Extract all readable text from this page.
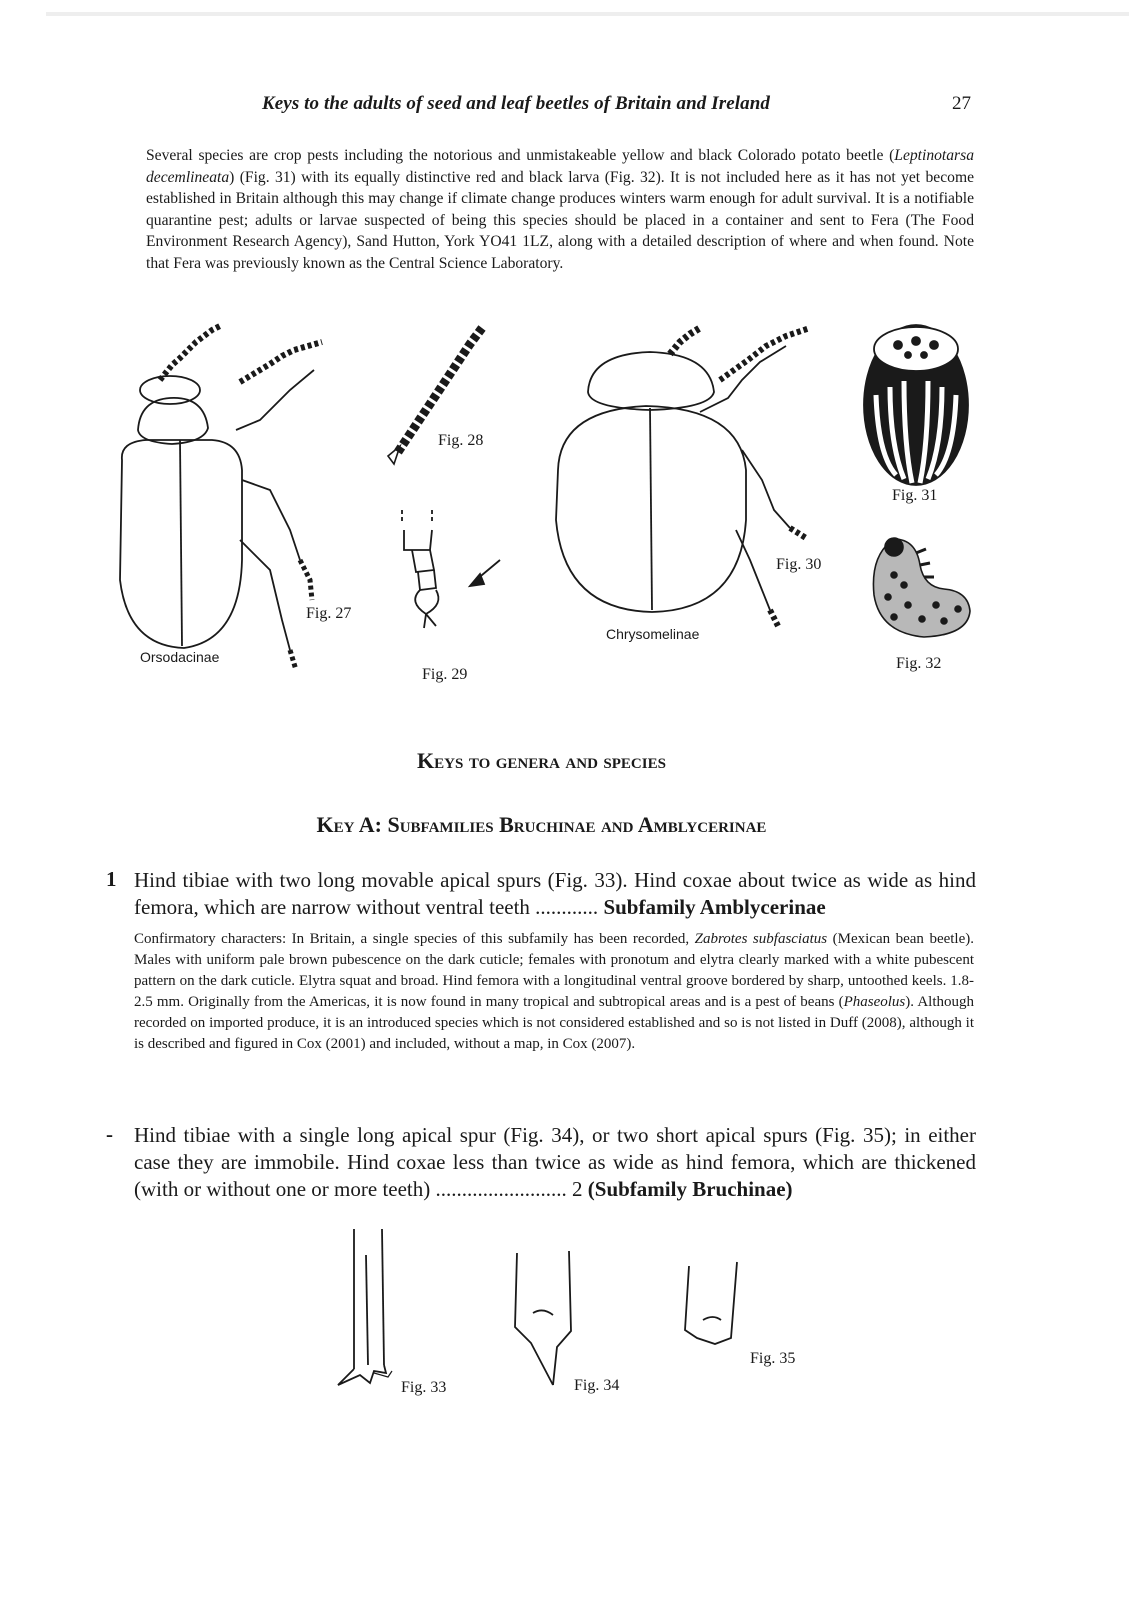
Keys to the adults of seed and leaf beetles of Britain and Ireland	27

Several species are crop pests including the notorious and unmistakeable yellow and black Colorado potato beetle (Leptinotarsa decemlineata) (Fig. 31) with its equally distinctive red and black larva (Fig. 32). It is not included here as it has not yet become established in Britain although this may change if climate change produces winters warm enough for adult survival. It is a notifiable quarantine pest; adults or larvae suspected of being this species should be placed in a container and sent to Fera (The Food Environment Research Agency), Sand Hutton, York YO41 1LZ, along with a detailed description of where and when found. Note that Fera was previously known as the Central Science Laboratory.

Fig. 27
Orsodacinae
Fig. 28
Fig. 29
Fig. 30
Chrysomelinae
Fig. 31
Fig. 32
Keys to genera and species
Key A: Subfamilies Bruchinae and Amblycerinae
1 Hind tibiae with two long movable apical spurs (Fig. 33). Hind coxae about twice as wide as hind femora, which are narrow without ventral teeth ............ Subfamily Amblycerinae

Confirmatory characters: In Britain, a single species of this subfamily has been recorded, Zabrotes subfasciatus (Mexican bean beetle). Males with uniform pale brown pubescence on the dark cuticle; females with pronotum and elytra clearly marked with a white pubescent pattern on the dark cuticle. Elytra squat and broad. Hind femora with a longitudinal ventral groove bordered by sharp, untoothed keels. 1.8-2.5 mm. Originally from the Americas, it is now found in many tropical and subtropical areas and is a pest of beans (Phaseolus). Although recorded on imported produce, it is an introduced species which is not considered established and so is not listed in Duff (2008), although it is described and figured in Cox (2001) and included, without a map, in Cox (2007).

- Hind tibiae with a single long apical spur (Fig. 34), or two short apical spurs (Fig. 35); in either case they are immobile. Hind coxae less than twice as wide as hind femora, which are thickened (with or without one or more teeth) ......................... 2 (Subfamily Bruchinae)
Fig. 33	Fig. 34
Fig. 35
